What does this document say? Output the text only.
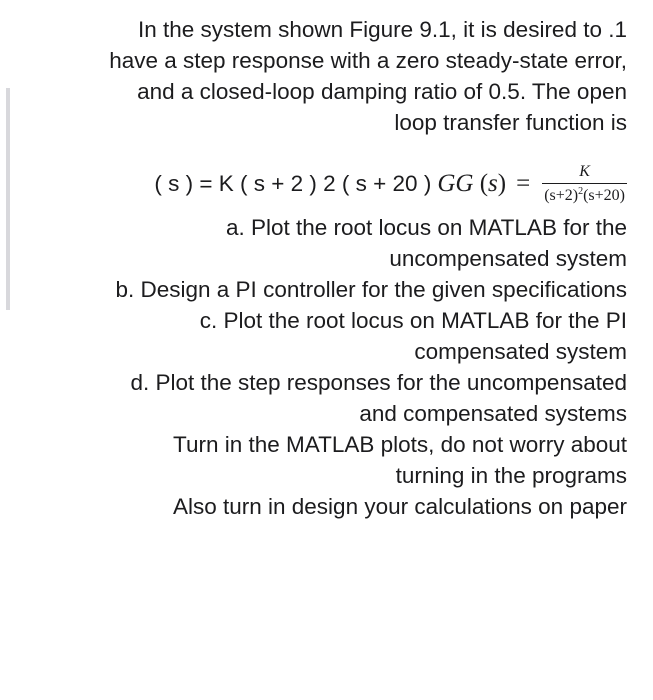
In the system shown Figure 9.1, it is desired to .1
have a step response with a zero steady-state error,
and a closed-loop damping ratio of 0.5. The open
loop transfer function is

( s ) = K ( s + 2 ) 2 ( s + 20 ) GG $(s) = \frac{K}{(s+2)^2(s+20)}$

a. Plot the root locus on MATLAB for the
uncompensated system

b. Design a PI controller for the given specifications

c. Plot the root locus on MATLAB for the PI
compensated system

d. Plot the step responses for the uncompensated
and compensated systems

Turn in the MATLAB plots, do not worry about
turning in the programs

Also turn in design your calculations on paper
